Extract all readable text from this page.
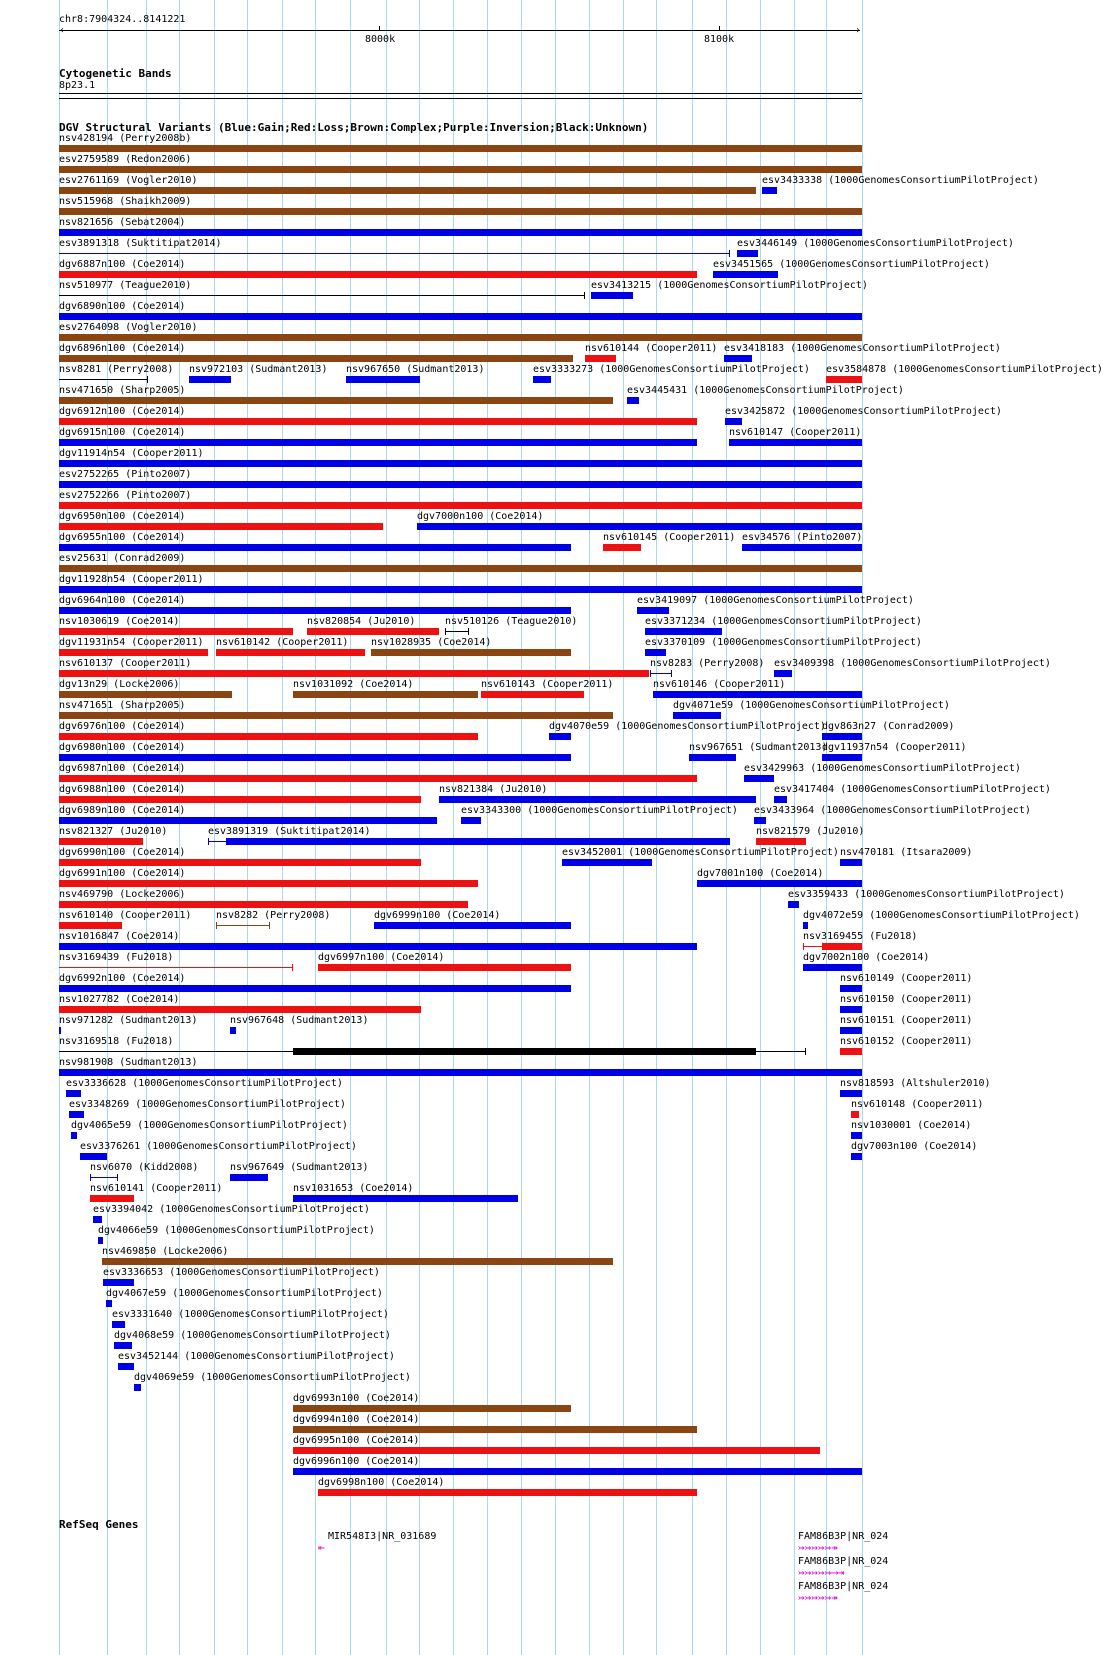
chr8:7904324..8141221
‹	›
8000k	8100k
Cytogenetic Bands
8p23.1
DGV Structural Variants (Blue:Gain;Red:Loss;Brown:Complex;Purple:Inversion;Black:Unknown)
nsv428194 (Perry2008b)
esv2759589 (Redon2006)
esv2761169 (Vogler2010)	esv3433338 (1000GenomesConsortiumPilotProject)
nsv515968 (Shaikh2009)
nsv821656 (Sebat2004)
esv3891318 (Suktitipat2014)	esv3446149 (1000GenomesConsortiumPilotProject)
dgv6887n100 (Coe2014)	esv3451565 (1000GenomesConsortiumPilotProject)
nsv510977 (Teague2010)	esv3413215 (1000GenomesConsortiumPilotProject)
dgv6890n100 (Coe2014)
esv2764098 (Vogler2010)
dgv6896n100 (Coe2014)	nsv610144 (Cooper2011) esv3418183 (1000GenomesConsortiumPilotProject)
nsv8281 (Perry2008) nsv972103 (Sudmant2013) nsv967650 (Sudmant2013)	esv3333273 (1000GenomesConsortiumPilotProject) esv3584878 (1000GenomesConsortiumPilotProject)
nsv471650 (Sharp2005)	esv3445431 (1000GenomesConsortiumPilotProject)
dgv6912n100 (Coe2014)	esv3425872 (1000GenomesConsortiumPilotProject)
dgv6915n100 (Coe2014)	nsv610147 (Cooper2011)
dgv11914n54 (Cooper2011)
esv2752265 (Pinto2007)
esv2752266 (Pinto2007)
dgv6950n100 (Coe2014)	dgv7000n100 (Coe2014)
dgv6955n100 (Coe2014)	nsv610145 (Cooper2011) esv34576 (Pinto2007)
esv25631 (Conrad2009)
dgv11928n54 (Cooper2011)
dgv6964n100 (Coe2014)	esv3419097 (1000GenomesConsortiumPilotProject)
nsv1030619 (Coe2014)	nsv820854 (Ju2010)	nsv510126 (Teague2010)	esv3371234 (1000GenomesConsortiumPilotProject)
dgv11931n54 (Cooper2011) nsv610142 (Cooper2011) nsv1028935 (Coe2014)	esv3370109 (1000GenomesConsortiumPilotProject)
nsv610137 (Cooper2011)	nsv8283 (Perry2008) esv3409398 (1000GenomesConsortiumPilotProject)
dgv13n29 (Locke2006)	nsv1031092 (Coe2014)	nsv610143 (Cooper2011)	nsv610146 (Cooper2011)
nsv471651 (Sharp2005)	dgv4071e59 (1000GenomesConsortiumPilotProject)
dgv6976n100 (Coe2014)	dgv4070e59 (1000GenomesConsortiumPilotProject)
dgv863n27 (Conrad2009)
dgv6980n100 (Coe2014)	nsv967651 (Sudmant2013)
dgv11937n54 (Cooper2011)
dgv6987n100 (Coe2014)	esv3429963 (1000GenomesConsortiumPilotProject)
dgv6988n100 (Coe2014)	nsv821384 (Ju2010)	esv3417404 (1000GenomesConsortiumPilotProject)
dgv6989n100 (Coe2014)	esv3343300 (1000GenomesConsortiumPilotProject) esv3433964 (1000GenomesConsortiumPilotProject)
nsv821327 (Ju2010)	esv3891319 (Suktitipat2014)	nsv821579 (Ju2010)
dgv6990n100 (Coe2014)	esv3452001 (1000GenomesConsortiumPilotProject) nsv470181 (Itsara2009)
dgv6991n100 (Coe2014)	dgv7001n100 (Coe2014)
nsv469790 (Locke2006)	esv3359433 (1000GenomesConsortiumPilotProject)
nsv610140 (Cooper2011) nsv8282 (Perry2008)	dgv6999n100 (Coe2014)	dgv4072e59 (1000GenomesConsortiumPilotProject)
nsv1016847 (Coe2014)	nsv3169455 (Fu2018)
nsv3169439 (Fu2018)	dgv6997n100 (Coe2014)	dgv7002n100 (Coe2014)
dgv6992n100 (Coe2014)	nsv610149 (Cooper2011)
nsv1027782 (Coe2014)	nsv610150 (Cooper2011)
nsv971282 (Sudmant2013)	nsv967648 (Sudmant2013)	nsv610151 (Cooper2011)
nsv3169518 (Fu2018)	nsv610152 (Cooper2011)
nsv981908 (Sudmant2013)
esv3336628 (1000GenomesConsortiumPilotProject)	nsv818593 (Altshuler2010)
esv3348269 (1000GenomesConsortiumPilotProject)	nsv610148 (Cooper2011)
dgv4065e59 (1000GenomesConsortiumPilotProject)	nsv1030001 (Coe2014)
esv3376261 (1000GenomesConsortiumPilotProject)	dgv7003n100 (Coe2014)
nsv6070 (Kidd2008)	nsv967649 (Sudmant2013)
nsv610141 (Cooper2011)	nsv1031653 (Coe2014)
esv3394042 (1000GenomesConsortiumPilotProject)
dgv4066e59 (1000GenomesConsortiumPilotProject)
nsv469850 (Locke2006)
esv3336653 (1000GenomesConsortiumPilotProject)
dgv4067e59 (1000GenomesConsortiumPilotProject)
esv3331640 (1000GenomesConsortiumPilotProject)
dgv4068e59 (1000GenomesConsortiumPilotProject)
esv3452144 (1000GenomesConsortiumPilotProject)
dgv4069e59 (1000GenomesConsortiumPilotProject)
dgv6993n100 (Coe2014)
dgv6994n100 (Coe2014)
dgv6995n100 (Coe2014)
dgv6996n100 (Coe2014)
dgv6998n100 (Coe2014)
RefSeq Genes
MIR548I3|NR_031689
⇤
FAM86B3P|NR_024
↣↣↣↣↣↠
FAM86B3P|NR_024
↣↣↣↣↣⟶⇥
FAM86B3P|NR_024
↣↣↣↣↣↠
